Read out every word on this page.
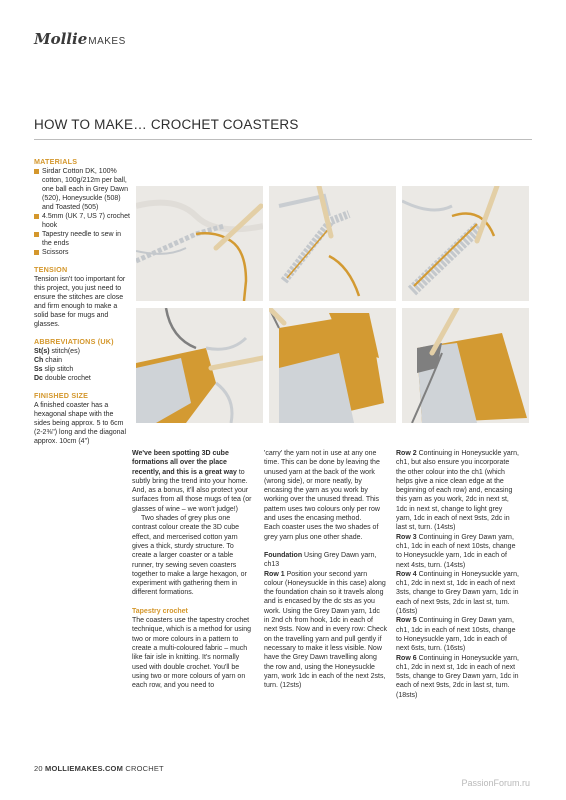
Mollie MAKES
HOW TO MAKE… CROCHET COASTERS
MATERIALS
Sirdar Cotton DK, 100% cotton, 100g/212m per ball, one ball each in Grey Dawn (520), Honeysuckle (508) and Toasted (505)
4.5mm (UK 7, US 7) crochet hook
Tapestry needle to sew in the ends
Scissors
TENSION
Tension isn't too important for this project, you just need to ensure the stitches are close and firm enough to make a solid base for mugs and glasses.
ABBREVIATIONS (UK)
St(s) stitch(es)
Ch chain
Ss slip stitch
Dc double crochet
FINISHED SIZE
A finished coaster has a hexagonal shape with the sides being approx. 5 to 6cm (2-2⅜") long and the diagonal approx. 10cm (4")

We've been spotting 3D cube formations all over the place recently, and this is a great way to subtly bring the trend into your home. And, as a bonus, it'll also protect your surfaces from all those mugs of tea (or glasses of wine – we won't judge!)

Two shades of grey plus one contrast colour create the 3D cube effect, and mercerised cotton yarn gives a thick, sturdy structure. To create a larger coaster or a table runner, try sewing seven coasters together to make a large hexagon, or experiment with gathering them in different formations.

Tapestry crochet

The coasters use the tapestry crochet technique, which is a method for using two or more colours in a pattern to create a multi-coloured fabric – much like fair isle in knitting. It's normally used with double crochet. You'll be using two or more colours of yarn on each row, and you need to

'carry' the yarn not in use at any one time. This can be done by leaving the unused yarn at the back of the work (wrong side), or more neatly, by encasing the yarn as you work by working over the unused thread. This pattern uses two colours only per row and uses the encasing method.

Each coaster uses the two shades of grey yarn plus one other shade.

Foundation Using Grey Dawn yarn, ch13

Row 1 Position your second yarn colour (Honeysuckle in this case) along the foundation chain so it travels along and is encased by the dc sts as you work. Using the Grey Dawn yarn, 1dc in 2nd ch from hook, 1dc in each of next 9sts. Now and in every row: Check on the travelling yarn and pull gently if necessary to make it less visible. Now have the Grey Dawn travelling along the row and, using the Honeysuckle yarn, work 1dc in each of the next 2sts, turn. (12sts)

Row 2 Continuing in Honeysuckle yarn, ch1, but also ensure you incorporate the other colour into the ch1 (which helps give a nice clean edge at the beginning of each row) and, encasing this yarn as you work, 2dc in next st, 1dc in next st, change to light grey yarn, 1dc in each of next 9sts, 2dc in last st, turn. (14sts)

Row 3 Continuing in Grey Dawn yarn, ch1, 1dc in each of next 10sts, change to Honeysuckle yarn, 1dc in each of next 4sts, turn. (14sts)

Row 4 Continuing in Honeysuckle yarn, ch1, 2dc in next st, 1dc in each of next 3sts, change to Grey Dawn yarn, 1dc in each of next 9sts, 2dc in last st, turn. (16sts)

Row 5 Continuing in Grey Dawn yarn, ch1, 1dc in each of next 10sts, change to Honeysuckle yarn, 1dc in each of next 6sts, turn. (16sts)

Row 6 Continuing in Honeysuckle yarn, ch1, 2dc in next st, 1dc in each of next 5sts, change to Grey Dawn yarn, 1dc in each of next 9sts, 2dc in last st, turn. (18sts)

20 MOLLIEMAKES.COM CROCHET
PassionForum.ru
